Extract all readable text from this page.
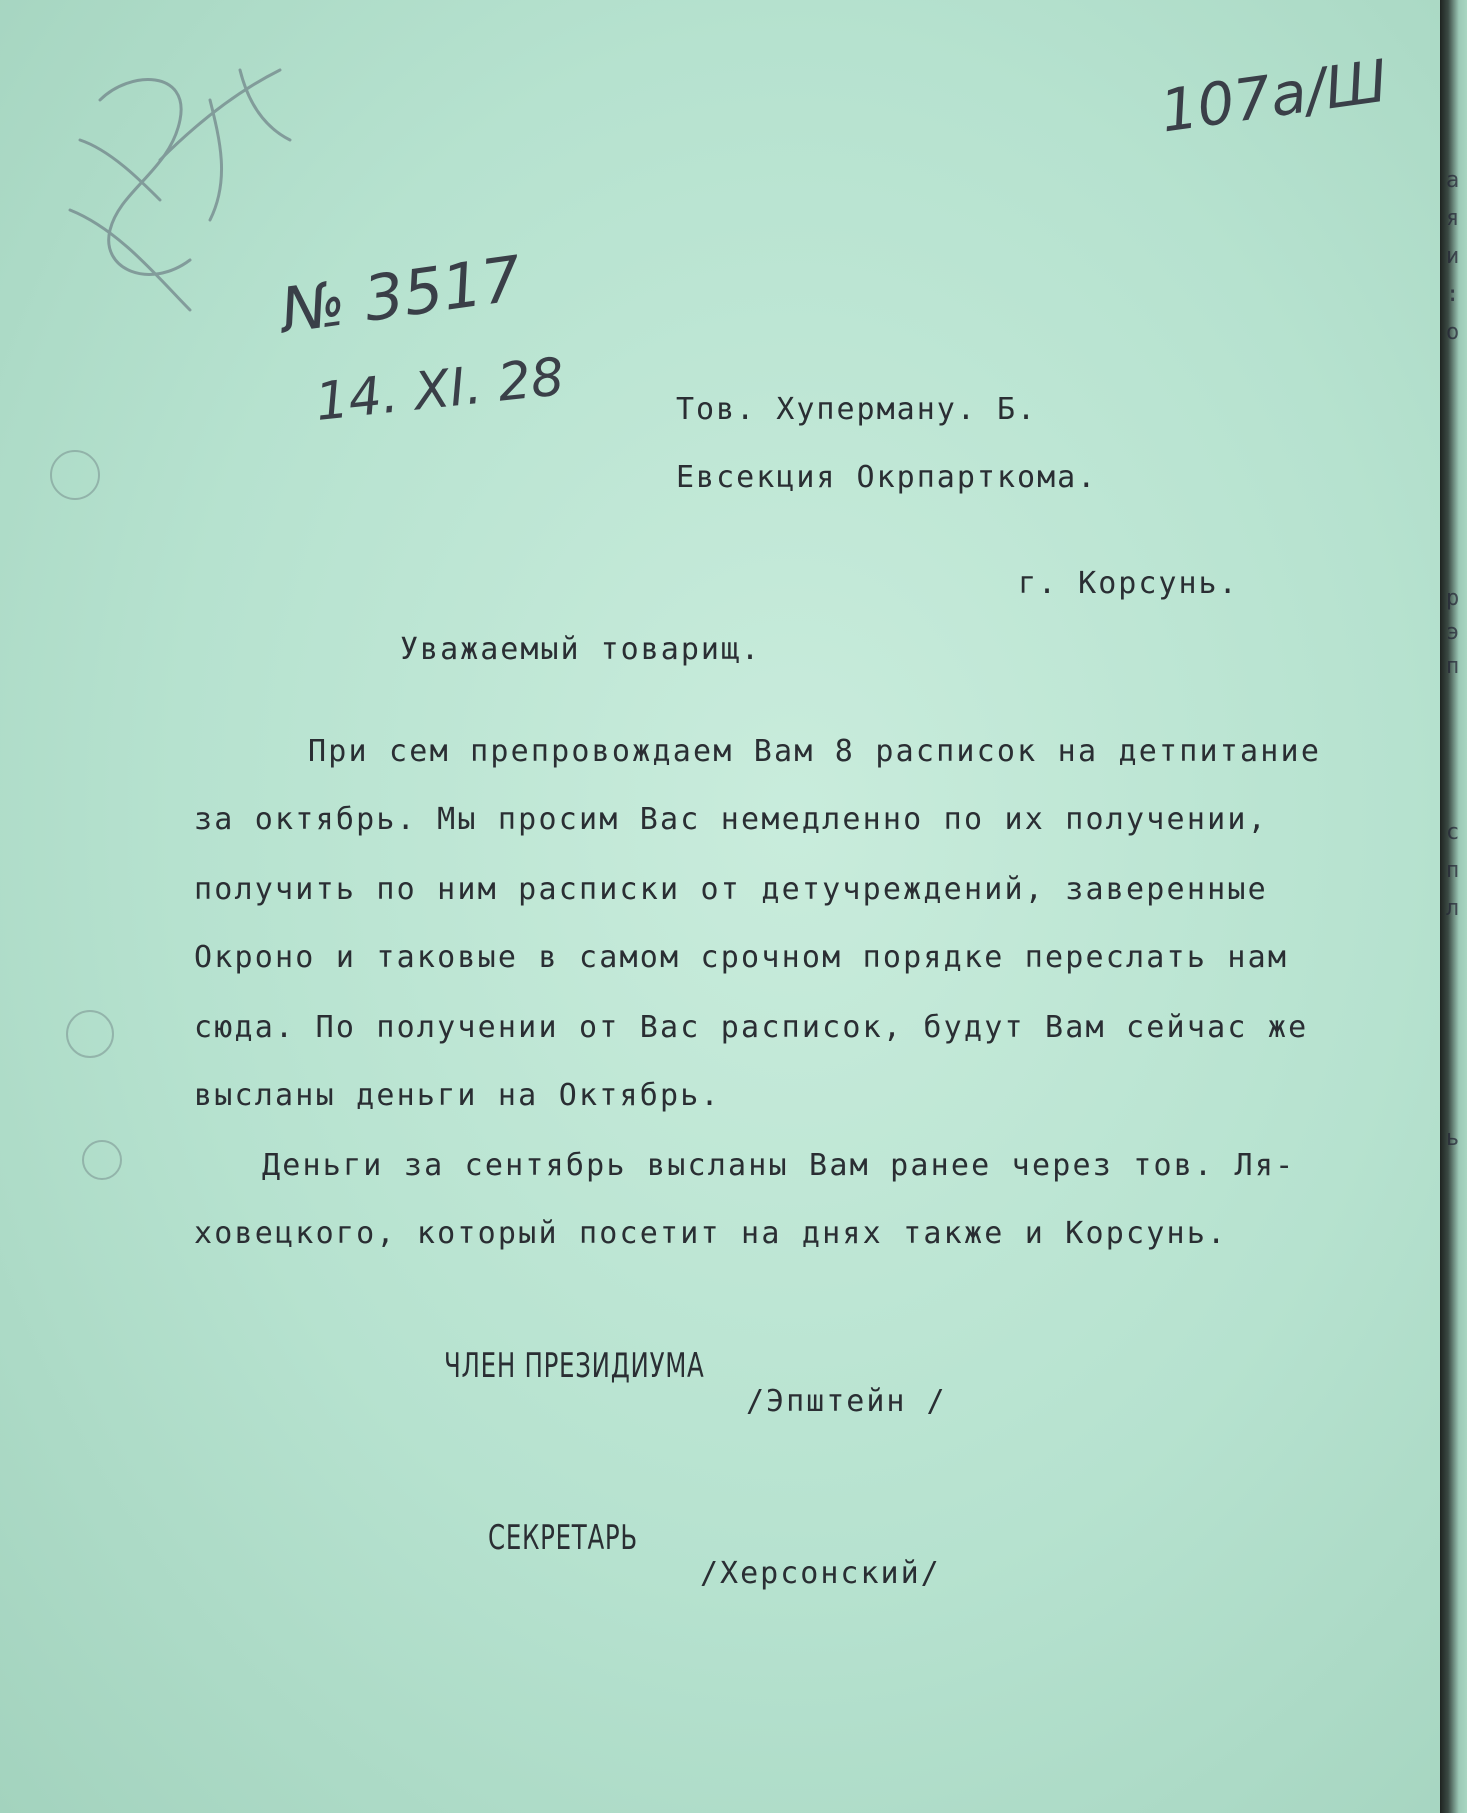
107а/Ш
№ 3517
14. XI. 28	Тов. Хуперману. Б.
Евсекция Окрпарткома.
г. Корсунь.
Уважаемый товарищ.
При сем препровождаем Вам 8 расписок на детпитание
за октябрь. Мы просим Вас немедленно по их получении,
получить по ним расписки от детучреждений, заверенные
Окроно и таковые в самом срочном порядке переслать нам
сюда. По получении от Вас расписок, будут Вам сейчас же
высланы деньги на Октябрь.
Деньги за сентябрь высланы Вам ранее через тов. Ля-
ховецкого, который посетит на днях также и Корсунь.
ЧЛЕН ПРЕЗИДИУМА
/Эпштейн /
СЕКРЕТАРЬ
/Херсонский/
а
я
и
:
о
р
э
п
с
п
л
ь
